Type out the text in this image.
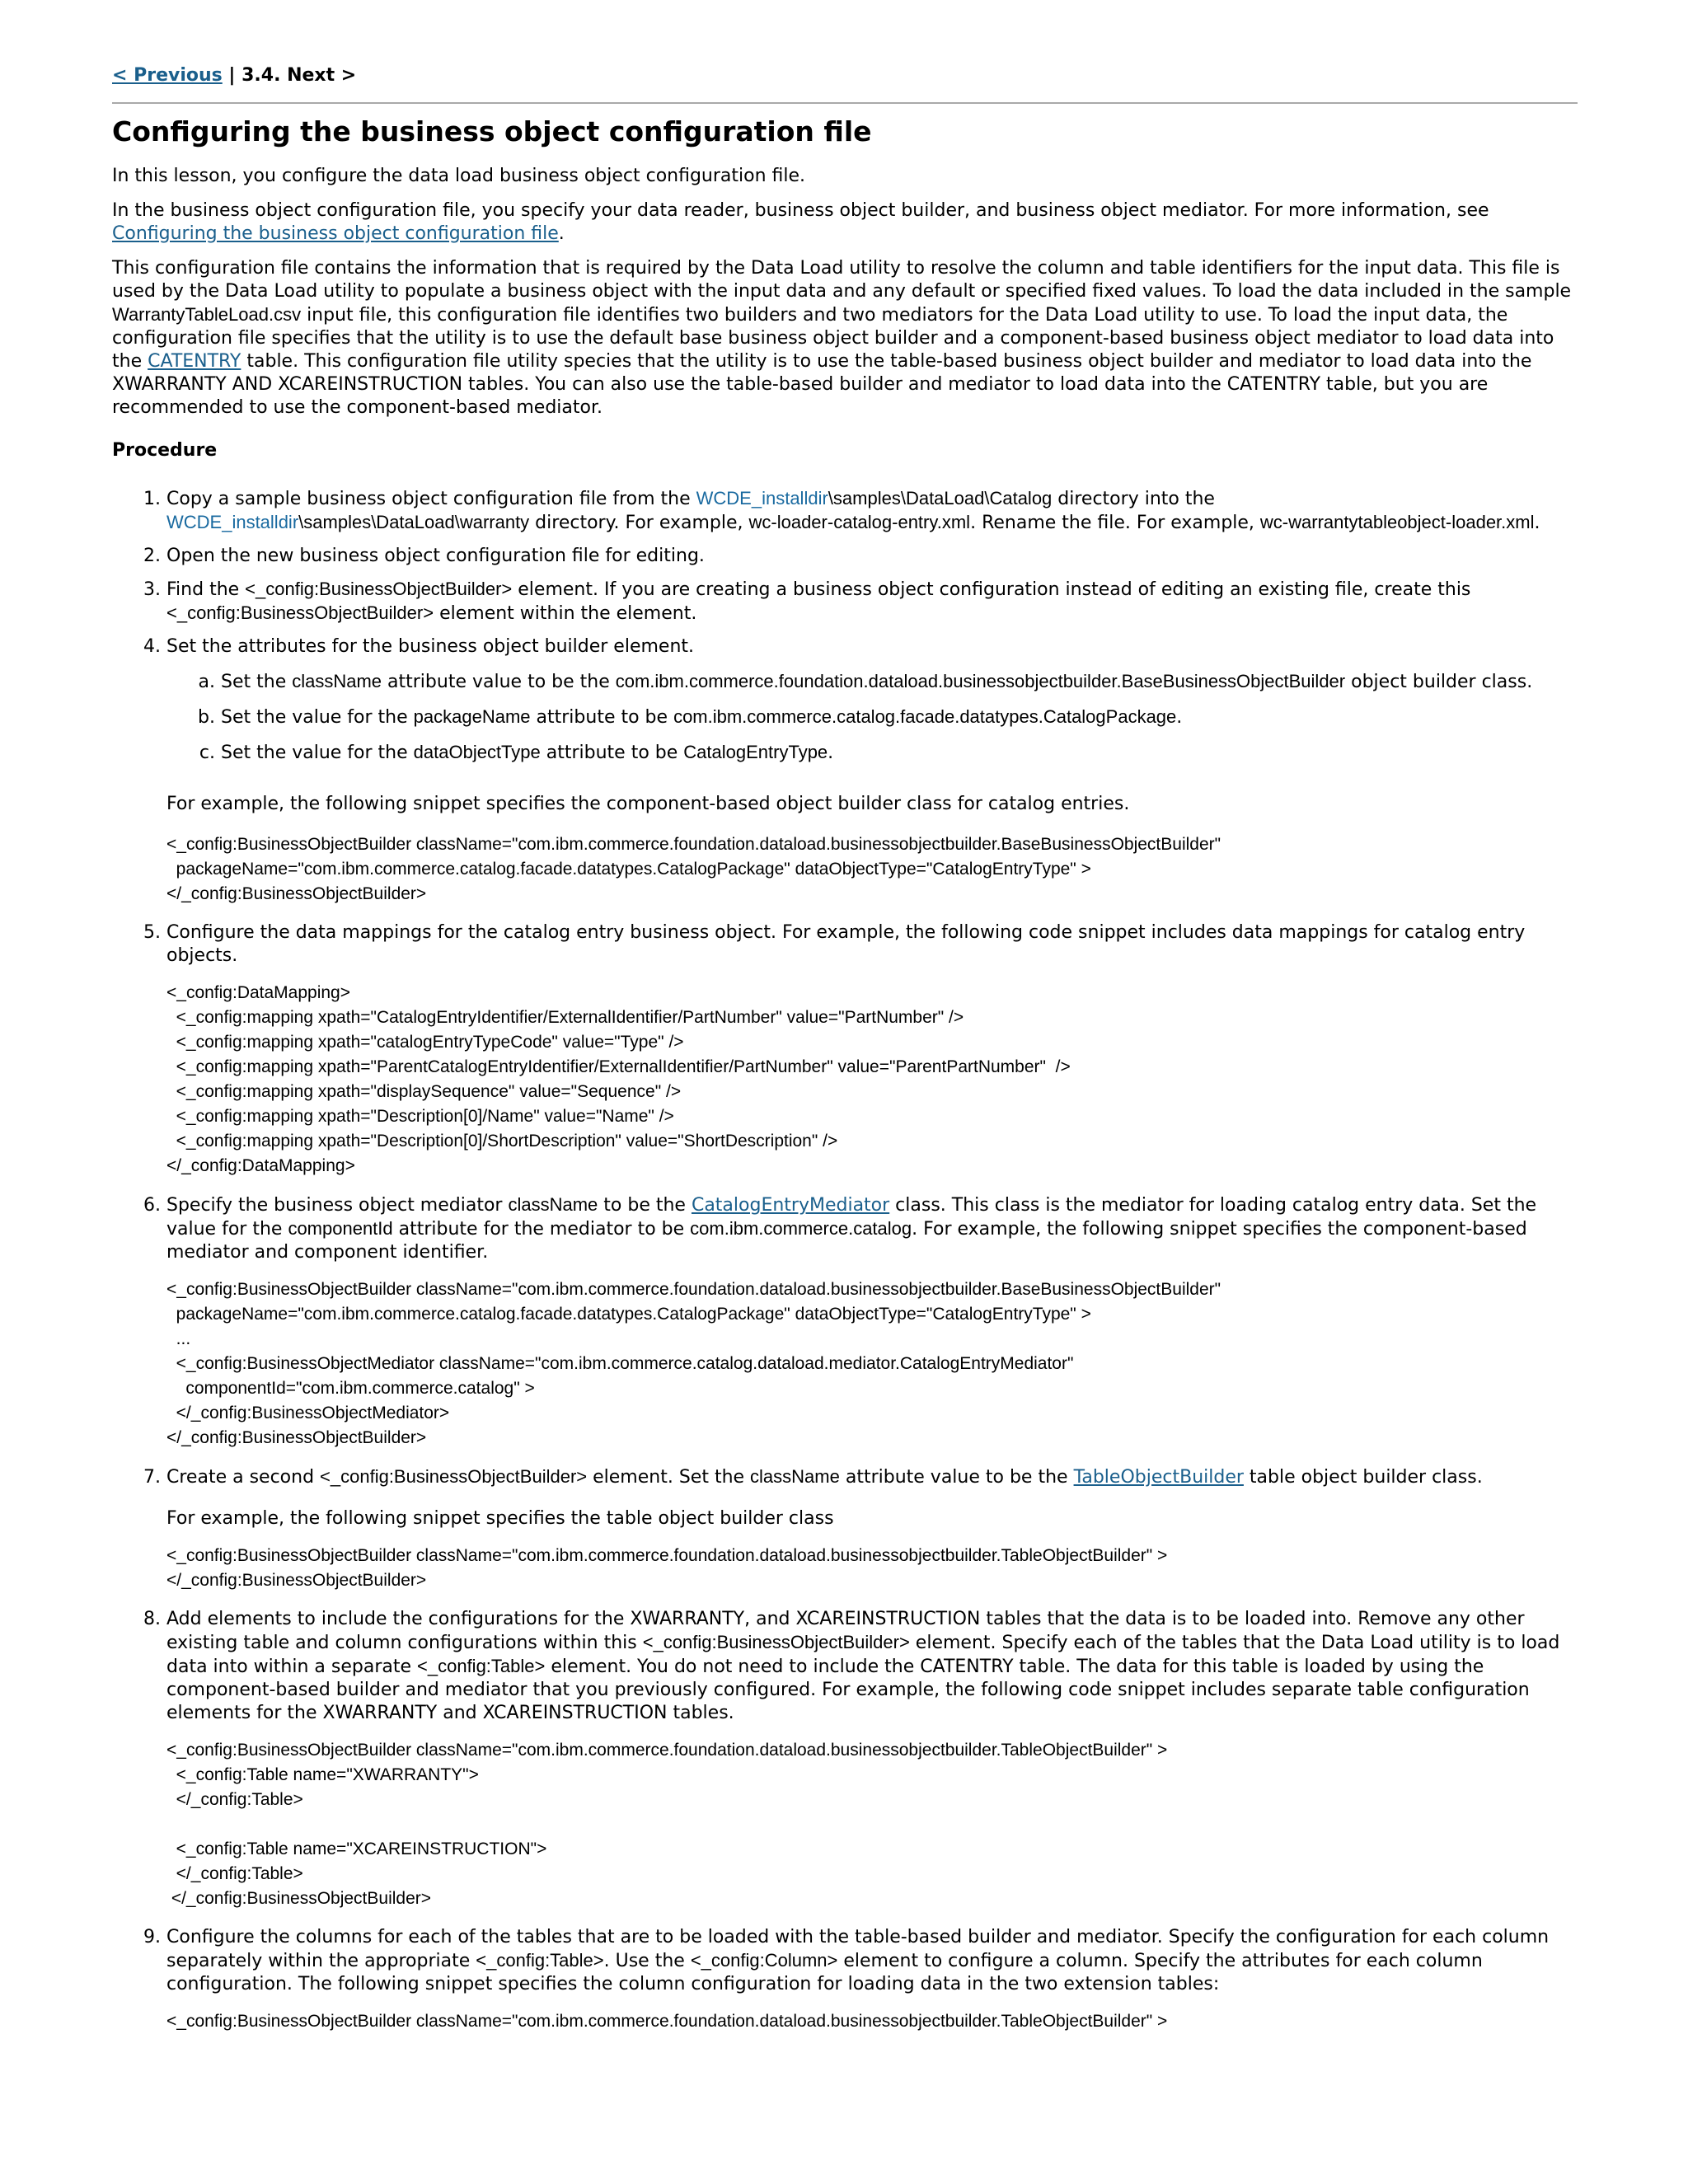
< Previous | 3.4. Next >
Configuring the business object configuration file

In this lesson, you configure the data load business object configuration file.

In the business object configuration file, you specify your data reader, business object builder, and business object mediator. For more information, see Configuring the business object configuration file.

This configuration file contains the information that is required by the Data Load utility to resolve the column and table identifiers for the input data. This file is used by the Data Load utility to populate a business object with the input data and any default or specified fixed values. To load the data included in the sample WarrantyTableLoad.csv input file, this configuration file identifies two builders and two mediators for the Data Load utility to use. To load the input data, the configuration file specifies that the utility is to use the default base business object builder and a component-based business object mediator to load data into the CATENTRY table. This configuration file utility species that the utility is to use the table-based business object builder and mediator to load data into the XWARRANTY AND XCAREINSTRUCTION tables. You can also use the table-based builder and mediator to load data into the CATENTRY table, but you are recommended to use the component-based mediator.

Procedure
1. Copy a sample business object configuration file from the WCDE_installdir\samples\DataLoad\Catalog directory into the WCDE_installdir\samples\DataLoad\warranty directory. For example, wc-loader-catalog-entry.xml. Rename the file. For example, wc-warrantytableobject-loader.xml.
2. Open the new business object configuration file for editing.
3. Find the <_config:BusinessObjectBuilder> element. If you are creating a business object configuration instead of editing an existing file, create this <_config:BusinessObjectBuilder> element within the element.
4. Set the attributes for the business object builder element.
a. Set the className attribute value to be the com.ibm.commerce.foundation.dataload.businessobjectbuilder.BaseBusinessObjectBuilder object builder class.
b. Set the value for the packageName attribute to be com.ibm.commerce.catalog.facade.datatypes.CatalogPackage.
c. Set the value for the dataObjectType attribute to be CatalogEntryType.
For example, the following snippet specifies the component-based object builder class for catalog entries.
<_config:BusinessObjectBuilder className="com.ibm.commerce.foundation.dataload.businessobjectbuilder.BaseBusinessObjectBuilder"
packageName="com.ibm.commerce.catalog.facade.datatypes.CatalogPackage" dataObjectType="CatalogEntryType" >
</_config:BusinessObjectBuilder>
5. Configure the data mappings for the catalog entry business object. For example, the following code snippet includes data mappings for catalog entry objects.
<_config:DataMapping>
<_config:mapping xpath="CatalogEntryIdentifier/ExternalIdentifier/PartNumber" value="PartNumber" />
<_config:mapping xpath="catalogEntryTypeCode" value="Type" />
<_config:mapping xpath="ParentCatalogEntryIdentifier/ExternalIdentifier/PartNumber" value="ParentPartNumber"  />
<_config:mapping xpath="displaySequence" value="Sequence" />
<_config:mapping xpath="Description[0]/Name" value="Name" />
<_config:mapping xpath="Description[0]/ShortDescription" value="ShortDescription" />
</_config:DataMapping>
6. Specify the business object mediator className to be the CatalogEntryMediator class. This class is the mediator for loading catalog entry data. Set the value for the componentId attribute for the mediator to be com.ibm.commerce.catalog. For example, the following snippet specifies the component-based mediator and component identifier.
<_config:BusinessObjectBuilder className="com.ibm.commerce.foundation.dataload.businessobjectbuilder.BaseBusinessObjectBuilder"
packageName="com.ibm.commerce.catalog.facade.datatypes.CatalogPackage" dataObjectType="CatalogEntryType" >
...
<_config:BusinessObjectMediator className="com.ibm.commerce.catalog.dataload.mediator.CatalogEntryMediator"
componentId="com.ibm.commerce.catalog" >
</_config:BusinessObjectMediator>
</_config:BusinessObjectBuilder>
7. Create a second <_config:BusinessObjectBuilder> element. Set the className attribute value to be the TableObjectBuilder table object builder class.
For example, the following snippet specifies the table object builder class
<_config:BusinessObjectBuilder className="com.ibm.commerce.foundation.dataload.businessobjectbuilder.TableObjectBuilder" >
</_config:BusinessObjectBuilder>
8. Add elements to include the configurations for the XWARRANTY, and XCAREINSTRUCTION tables that the data is to be loaded into. Remove any other existing table and column configurations within this <_config:BusinessObjectBuilder> element. Specify each of the tables that the Data Load utility is to load data into within a separate <_config:Table> element. You do not need to include the CATENTRY table. The data for this table is loaded by using the component-based builder and mediator that you previously configured. For example, the following code snippet includes separate table configuration elements for the XWARRANTY and XCAREINSTRUCTION tables.
<_config:BusinessObjectBuilder className="com.ibm.commerce.foundation.dataload.businessobjectbuilder.TableObjectBuilder" >
<_config:Table name="XWARRANTY">
</_config:Table>

<_config:Table name="XCAREINSTRUCTION">
</_config:Table>
</_config:BusinessObjectBuilder>
9. Configure the columns for each of the tables that are to be loaded with the table-based builder and mediator. Specify the configuration for each column separately within the appropriate <_config:Table>. Use the <_config:Column> element to configure a column. Specify the attributes for each column configuration. The following snippet specifies the column configuration for loading data in the two extension tables:
<_config:BusinessObjectBuilder className="com.ibm.commerce.foundation.dataload.businessobjectbuilder.TableObjectBuilder" >
